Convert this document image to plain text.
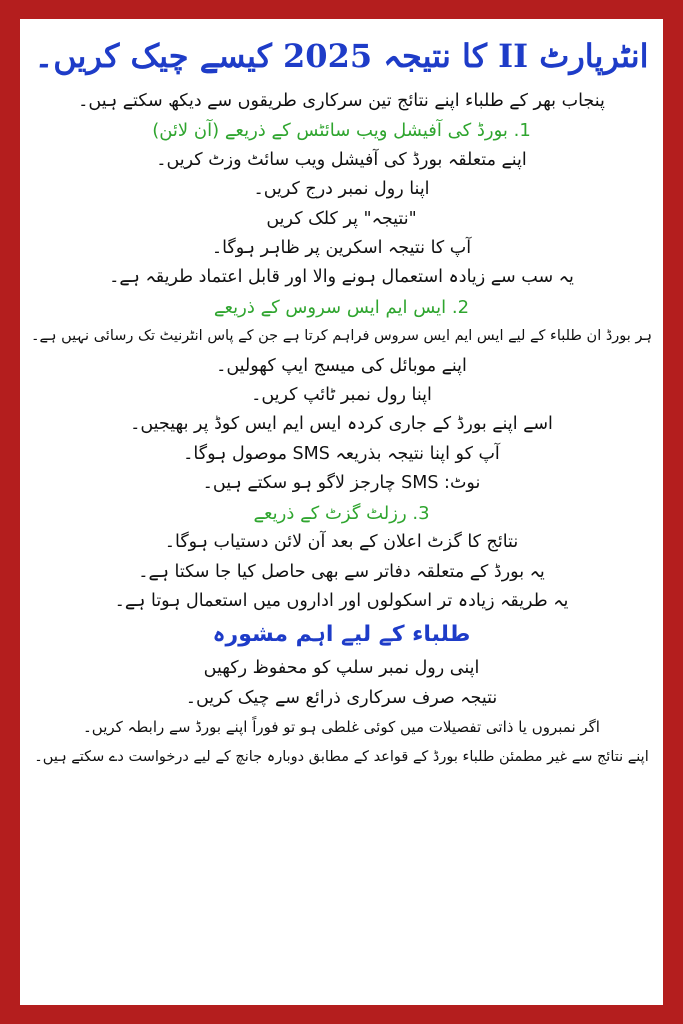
انٹرپارٹ II کا نتیجہ 2025 کیسے چیک کریں۔
پنجاب بھر کے طلباء اپنے نتائج تین سرکاری طریقوں سے دیکھ سکتے ہیں۔
1. بورڈ کی آفیشل ویب سائٹس کے ذریعے (آن لائن)
اپنے متعلقہ بورڈ کی آفیشل ویب سائٹ وزٹ کریں۔
اپنا رول نمبر درج کریں۔
"نتیجہ" پر کلک کریں
آپ کا نتیجہ اسکرین پر ظاہر ہوگا۔
یہ سب سے زیادہ استعمال ہونے والا اور قابل اعتماد طریقہ ہے۔
2. ایس ایم ایس سروس کے ذریعے
ہر بورڈ ان طلباء کے لیے ایس ایم ایس سروس فراہم کرتا ہے جن کے پاس انٹرنیٹ تک رسائی نہیں ہے۔
اپنے موبائل کی میسج ایپ کھولیں۔
اپنا رول نمبر ٹائپ کریں۔
اسے اپنے بورڈ کے جاری کردہ ایس ایم ایس کوڈ پر بھیجیں۔
آپ کو اپنا نتیجہ بذریعہ SMS موصول ہوگا۔
نوٹ: SMS چارجز لاگو ہو سکتے ہیں۔
3. رزلٹ گزٹ کے ذریعے
نتائج کا گزٹ اعلان کے بعد آن لائن دستیاب ہوگا۔
یہ بورڈ کے متعلقہ دفاتر سے بھی حاصل کیا جا سکتا ہے۔
یہ طریقہ زیادہ تر اسکولوں اور اداروں میں استعمال ہوتا ہے۔
طلباء کے لیے اہم مشورہ
اپنی رول نمبر سلپ کو محفوظ رکھیں
نتیجہ صرف سرکاری ذرائع سے چیک کریں۔
اگر نمبروں یا ذاتی تفصیلات میں کوئی غلطی ہو تو فوراً اپنے بورڈ سے رابطہ کریں۔
اپنے نتائج سے غیر مطمئن طلباء بورڈ کے قواعد کے مطابق دوبارہ جانچ کے لیے درخواست دے سکتے ہیں۔
